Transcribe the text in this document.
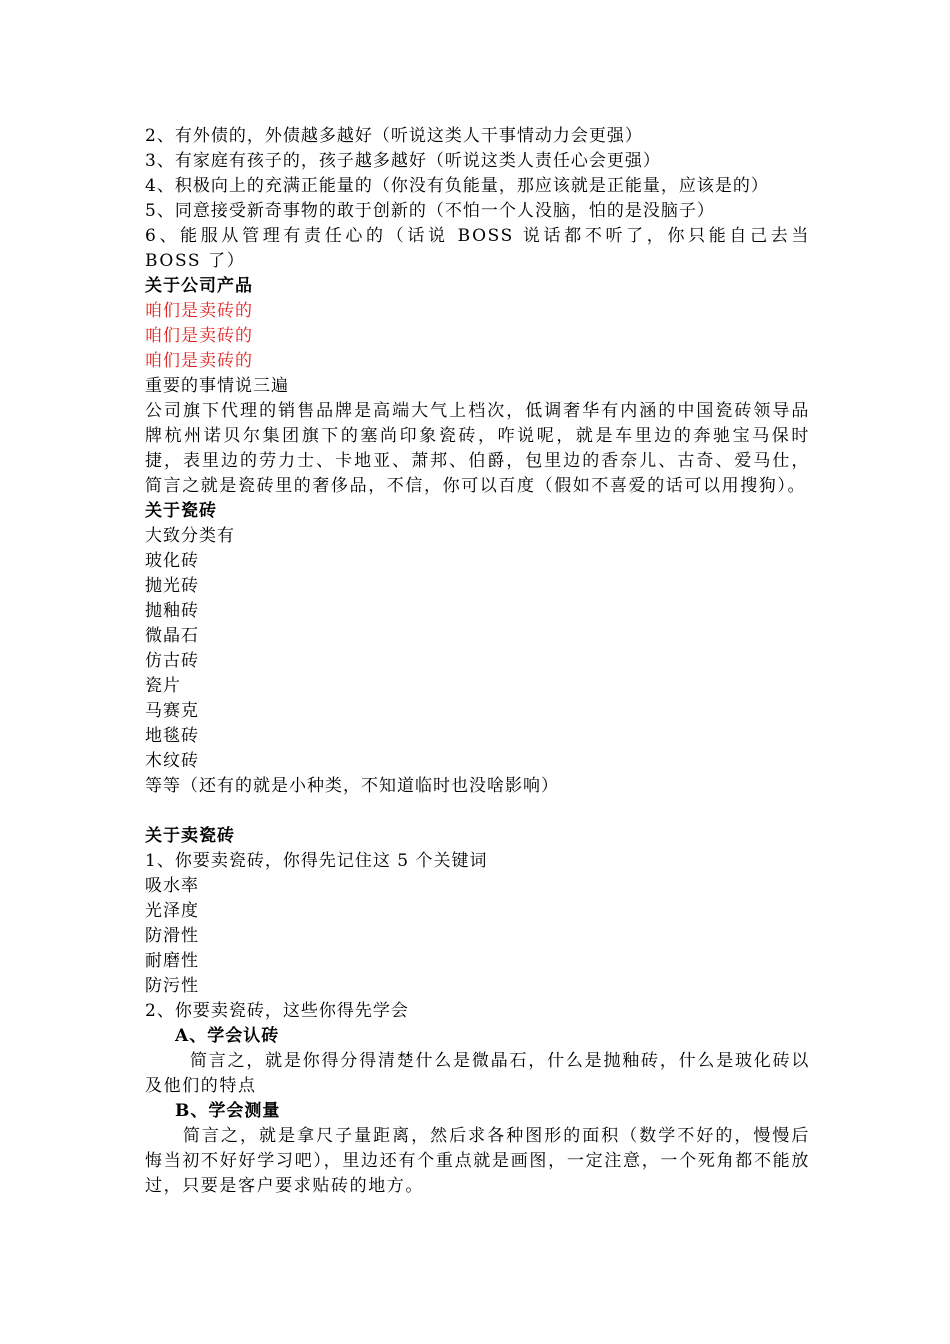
2、有外债的，外债越多越好（听说这类人干事情动力会更强）
3、有家庭有孩子的，孩子越多越好（听说这类人责任心会更强）
4、积极向上的充满正能量的（你没有负能量，那应该就是正能量，应该是的）
5、同意接受新奇事物的敢于创新的（不怕一个人没脑，怕的是没脑子）
6、能服从管理有责任心的（话说 BOSS 说话都不听了，你只能自己去当 BOSS 了）
关于公司产品
咱们是卖砖的
咱们是卖砖的
咱们是卖砖的
重要的事情说三遍
公司旗下代理的销售品牌是高端大气上档次，低调奢华有内涵的中国瓷砖领导品牌杭州诺贝尔集团旗下的塞尚印象瓷砖，咋说呢，就是车里边的奔驰宝马保时捷，表里边的劳力士、卡地亚、萧邦、伯爵，包里边的香奈儿、古奇、爱马仕，简言之就是瓷砖里的奢侈品，不信，你可以百度（假如不喜爱的话可以用搜狗）。
关于瓷砖
大致分类有
玻化砖
抛光砖
抛釉砖
微晶石
仿古砖
瓷片
马赛克
地毯砖
木纹砖
等等（还有的就是小种类，不知道临时也没啥影响）
关于卖瓷砖
1、你要卖瓷砖，你得先记住这 5 个关键词
吸水率
光泽度
防滑性
耐磨性
防污性
2、你要卖瓷砖，这些你得先学会
A、学会认砖
简言之，就是你得分得清楚什么是微晶石，什么是抛釉砖，什么是玻化砖以及他们的特点
B、学会测量
简言之，就是拿尺子量距离，然后求各种图形的面积（数学不好的，慢慢后悔当初不好好学习吧），里边还有个重点就是画图，一定注意，一个死角都不能放过，只要是客户要求贴砖的地方。
